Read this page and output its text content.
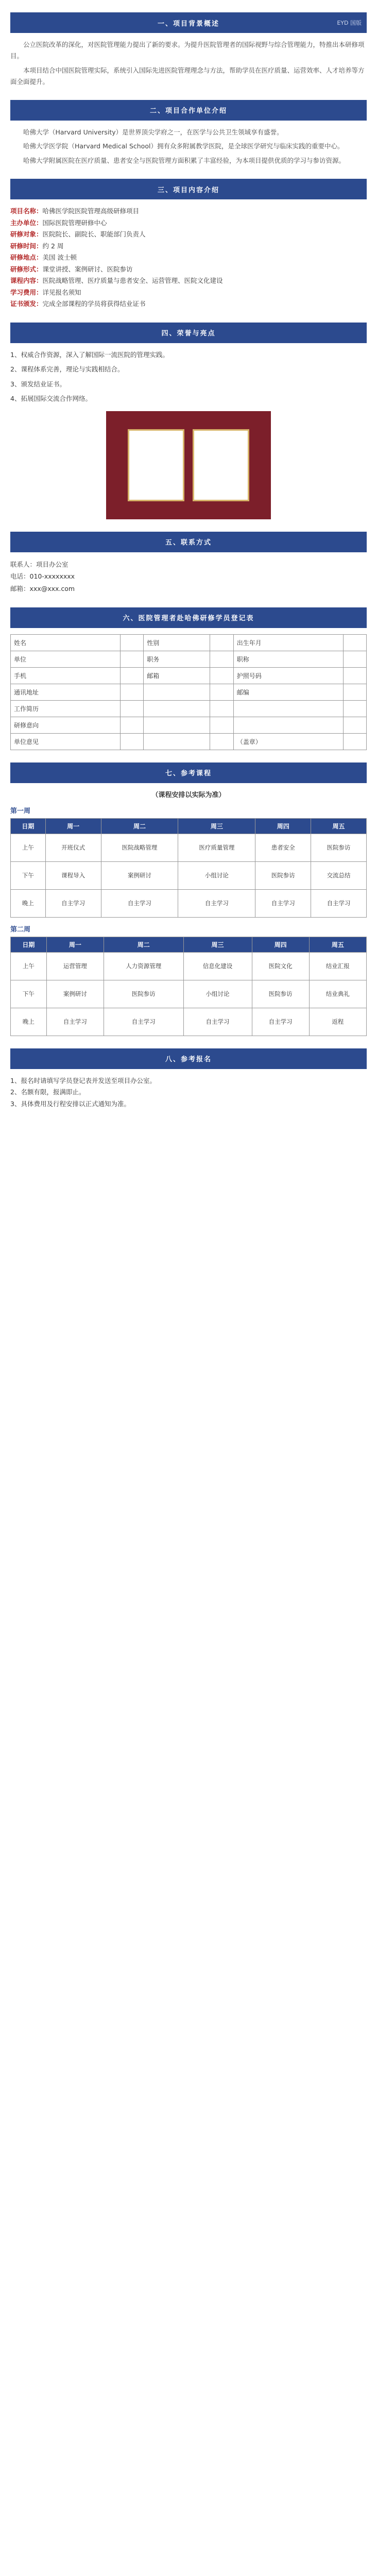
一、项目背景概述	EYD 国版

公立医院改革的深化，对医院管理能力提出了新的要求。为提升医院管理者的国际视野与综合管理能力，特推出本研修项目。

本项目结合中国医院管理实际，系统引入国际先进医院管理理念与方法，帮助学员在医疗质量、运营效率、人才培养等方面全面提升。

二、项目合作单位介绍

哈佛大学（Harvard University）是世界顶尖学府之一，在医学与公共卫生领域享有盛誉。

哈佛大学医学院（Harvard Medical School）拥有众多附属教学医院，是全球医学研究与临床实践的重要中心。

哈佛大学附属医院在医疗质量、患者安全与医院管理方面积累了丰富经验，为本项目提供优质的学习与参访资源。

三、项目内容介绍
项目名称：哈佛医学院医院管理高级研修项目
主办单位：国际医院管理研修中心
研修对象：医院院长、副院长、职能部门负责人
研修时间：约 2 周
研修地点：美国 波士顿
研修形式：课堂讲授、案例研讨、医院参访
课程内容：医院战略管理、医疗质量与患者安全、运营管理、医院文化建设
学习费用：详见报名须知
证书颁发：完成全部课程的学员将获得结业证书
四、荣誉与亮点
1、权威合作资源，深入了解国际一流医院的管理实践。
2、课程体系完善，理论与实践相结合。
3、颁发结业证书。
4、拓展国际交流合作网络。
五、联系方式
联系人：项目办公室
电话：010-xxxxxxxx
邮箱：xxx@xxx.com
六、医院管理者赴哈佛研修学员登记表
姓名		性别		出生年月	
单位		职务		职称	
手机		邮箱		护照号码	
通讯地址				邮编	
工作简历					
研修意向					
单位意见				（盖章）	
七、参考课程
（课程安排以实际为准）
第一周
日期	周一	周二	周三	周四	周五
上午	开班仪式	医院战略管理	医疗质量管理	患者安全	医院参访
下午	课程导入	案例研讨	小组讨论	医院参访	交流总结
晚上	自主学习	自主学习	自主学习	自主学习	自主学习
第二周
日期	周一	周二	周三	周四	周五
上午	运营管理	人力资源管理	信息化建设	医院文化	结业汇报
下午	案例研讨	医院参访	小组讨论	医院参访	结业典礼
晚上	自主学习	自主学习	自主学习	自主学习	返程
八、参考报名
1、报名时请填写学员登记表并发送至项目办公室。
2、名额有限，报满即止。
3、具体费用及行程安排以正式通知为准。
